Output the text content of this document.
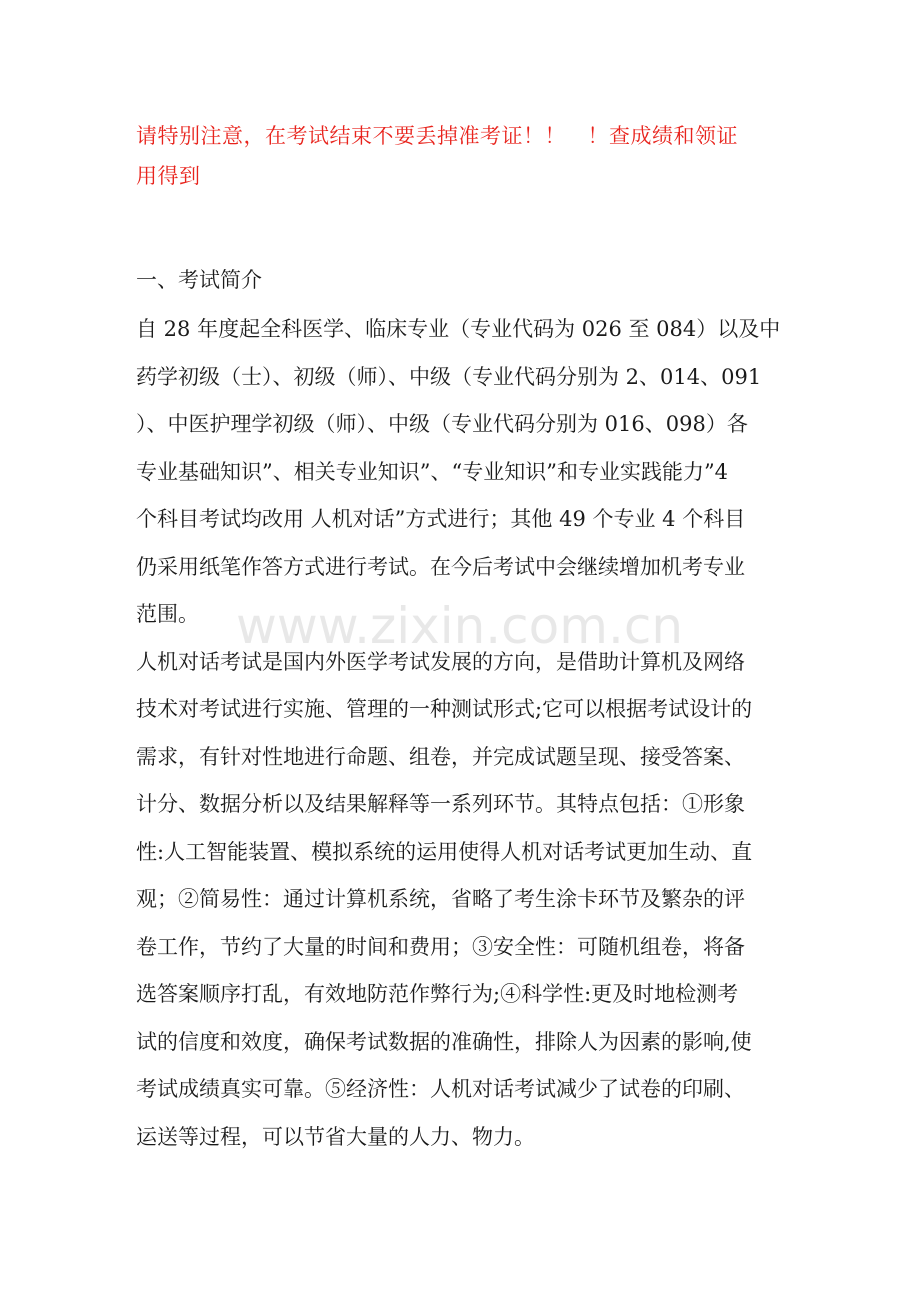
请特别注意，在考试结束不要丢掉准考证！！　！查成绩和领证
用得到
一、考试简介
自 28 年度起全科医学、临床专业（专业代码为 026 至 084）以及中
药学初级（士）、初级（师）、中级（专业代码分别为 2、014、091
）、中医护理学初级（师）、中级（专业代码分别为 016、098）各
专业基础知识”、相关专业知识”、“专业知识”和专业实践能力”4
个科目考试均改用 人机对话”方式进行；其他 49 个专业 4 个科目
仍采用纸笔作答方式进行考试。在今后考试中会继续增加机考专业
范围。
人机对话考试是国内外医学考试发展的方向，是借助计算机及网络
技术对考试进行实施、管理的一种测试形式;它可以根据考试设计的
需求，有针对性地进行命题、组卷，并完成试题呈现、接受答案、
计分、数据分析以及结果解释等一系列环节。其特点包括：①形象
性:人工智能装置、模拟系统的运用使得人机对话考试更加生动、直
观；②简易性：通过计算机系统，省略了考生涂卡环节及繁杂的评
卷工作，节约了大量的时间和费用；③安全性：可随机组卷，将备
选答案顺序打乱，有效地防范作弊行为;④科学性:更及时地检测考
试的信度和效度，确保考试数据的准确性，排除人为因素的影响,使
考试成绩真实可靠。⑤经济性：人机对话考试减少了试卷的印刷、
运送等过程，可以节省大量的人力、物力。
www.zixin.com.cn
